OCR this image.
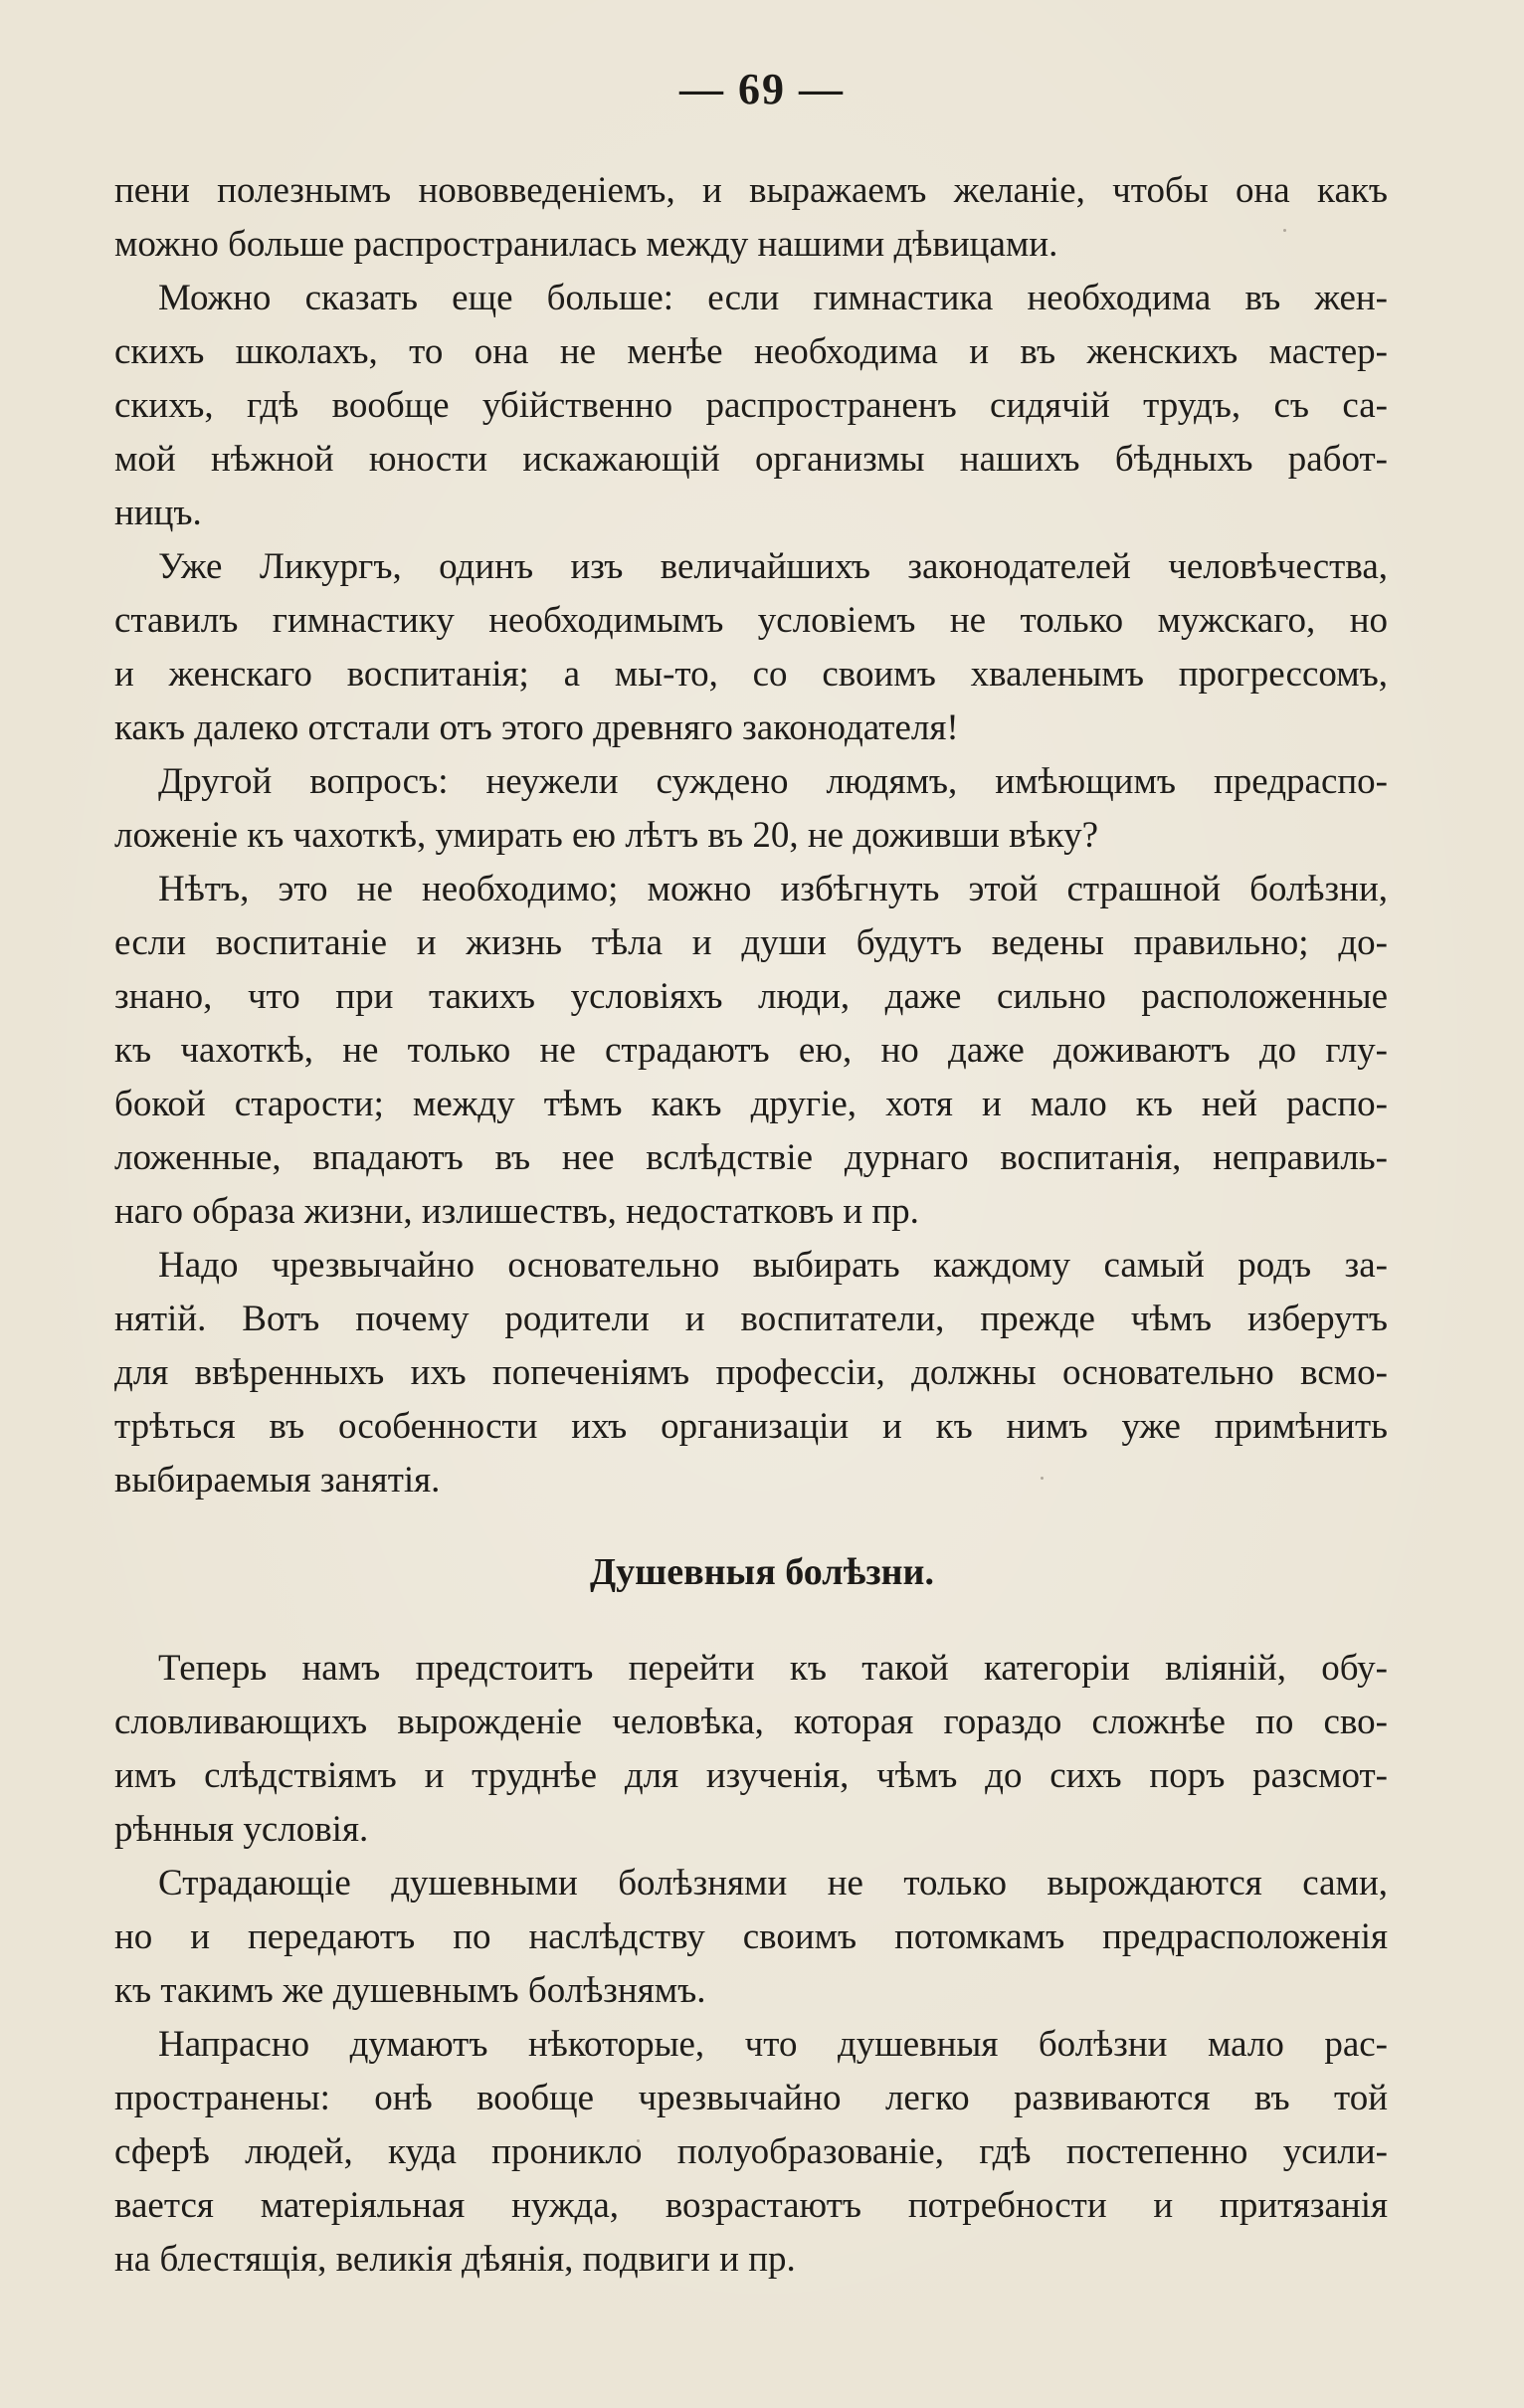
— 69 —
пени полезнымъ нововведеніемъ, и выражаемъ желаніе, чтобы она какъ
можно больше распространилась между нашими дѣвицами.
Можно сказать еще больше: если гимнастика необходима въ жен-
скихъ школахъ, то она не менѣе необходима и въ женскихъ мастер-
скихъ, гдѣ вообще убійственно распространенъ сидячій трудъ, съ са-
мой нѣжной юности искажающій организмы нашихъ бѣдныхъ работ-
ницъ.
Уже Ликургъ, одинъ изъ величайшихъ законодателей человѣчества,
ставилъ гимнастику необходимымъ условіемъ не только мужскаго, но
и женскаго воспитанія; а мы-то, со своимъ хваленымъ прогрессомъ,
какъ далеко отстали отъ этого древняго законодателя!
Другой вопросъ: неужели суждено людямъ, имѣющимъ предраспо-
ложеніе къ чахоткѣ, умирать ею лѣтъ въ 20, не доживши вѣку?
Нѣтъ, это не необходимо; можно избѣгнуть этой страшной болѣзни,
если воспитаніе и жизнь тѣла и души будутъ ведены правильно; до-
знано, что при такихъ условіяхъ люди, даже сильно расположенные
къ чахоткѣ, не только не страдаютъ ею, но даже доживаютъ до глу-
бокой старости; между тѣмъ какъ другіе, хотя и мало къ ней распо-
ложенные, впадаютъ въ нее вслѣдствіе дурнаго воспитанія, неправиль-
наго образа жизни, излишествъ, недостатковъ и пр.
Надо чрезвычайно основательно выбирать каждому самый родъ за-
нятій. Вотъ почему родители и воспитатели, прежде чѣмъ изберутъ
для ввѣренныхъ ихъ попеченіямъ профессіи, должны основательно всмо-
трѣться въ особенности ихъ организаціи и къ нимъ уже примѣнить
выбираемыя занятія.
Душевныя болѣзни.
Теперь намъ предстоитъ перейти къ такой категоріи вліяній, обу-
словливающихъ вырожденіе человѣка, которая гораздо сложнѣе по сво-
имъ слѣдствіямъ и труднѣе для изученія, чѣмъ до сихъ поръ разсмот-
рѣнныя условія.
Страдающіе душевными болѣзнями не только вырождаются сами,
но и передаютъ по наслѣдству своимъ потомкамъ предрасположенія
къ такимъ же душевнымъ болѣзнямъ.
Напрасно думаютъ нѣкоторые, что душевныя болѣзни мало рас-
пространены: онѣ вообще чрезвычайно легко развиваются въ той
сферѣ людей, куда проникло полуобразованіе, гдѣ постепенно усили-
вается матеріяльная нужда, возрастаютъ потребности и притязанія
на блестящія, великія дѣянія, подвиги и пр.
